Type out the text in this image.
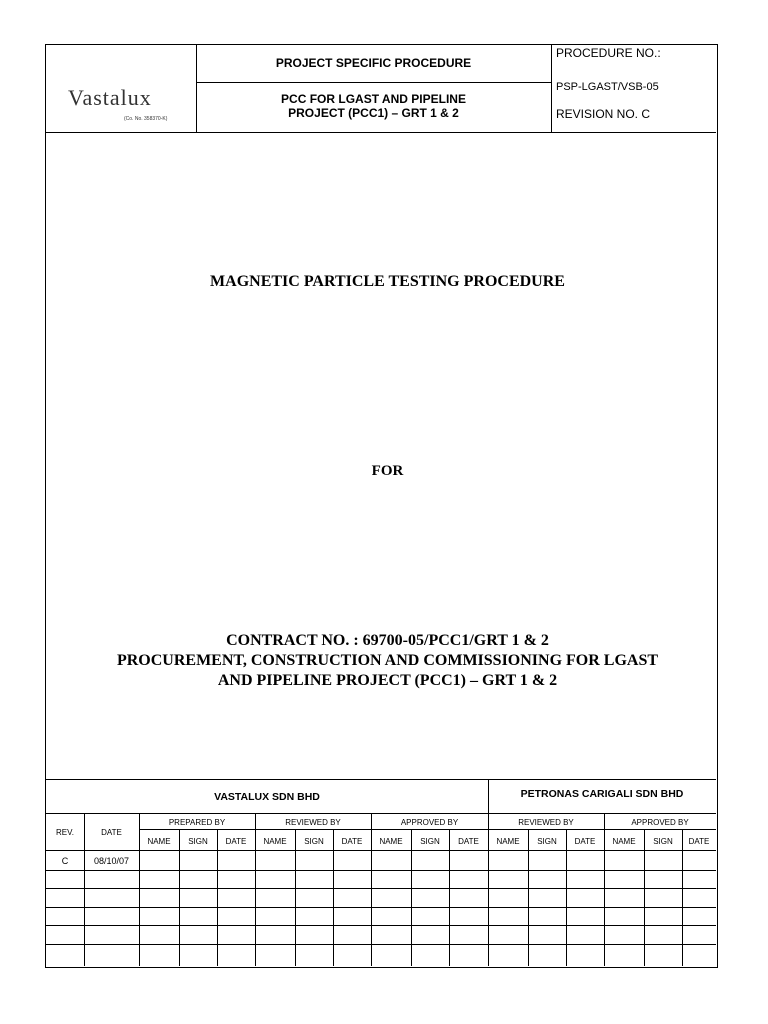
Vastalux
(Co. No. 358370-K)
PROJECT SPECIFIC PROCEDURE
PCC FOR LGAST AND PIPELINE
PROJECT (PCC1) – GRT 1 & 2
PROCEDURE NO.:
PSP-LGAST/VSB-05
REVISION NO. C
MAGNETIC PARTICLE TESTING PROCEDURE
FOR
CONTRACT NO. : 69700-05/PCC1/GRT 1 & 2
PROCUREMENT, CONSTRUCTION AND COMMISSIONING FOR LGAST
AND PIPELINE PROJECT (PCC1) – GRT 1 & 2
VASTALUX SDN BHD	PETRONAS CARIGALI SDN BHD
REV.	DATE
PREPARED BY	REVIEWED BY	APPROVED BY	REVIEWED BY	APPROVED BY
NAME	SIGN	DATE	NAME	SIGN	DATE	NAME	SIGN	DATE	NAME	SIGN	DATE	NAME	SIGN	DATE
C	08/10/07
